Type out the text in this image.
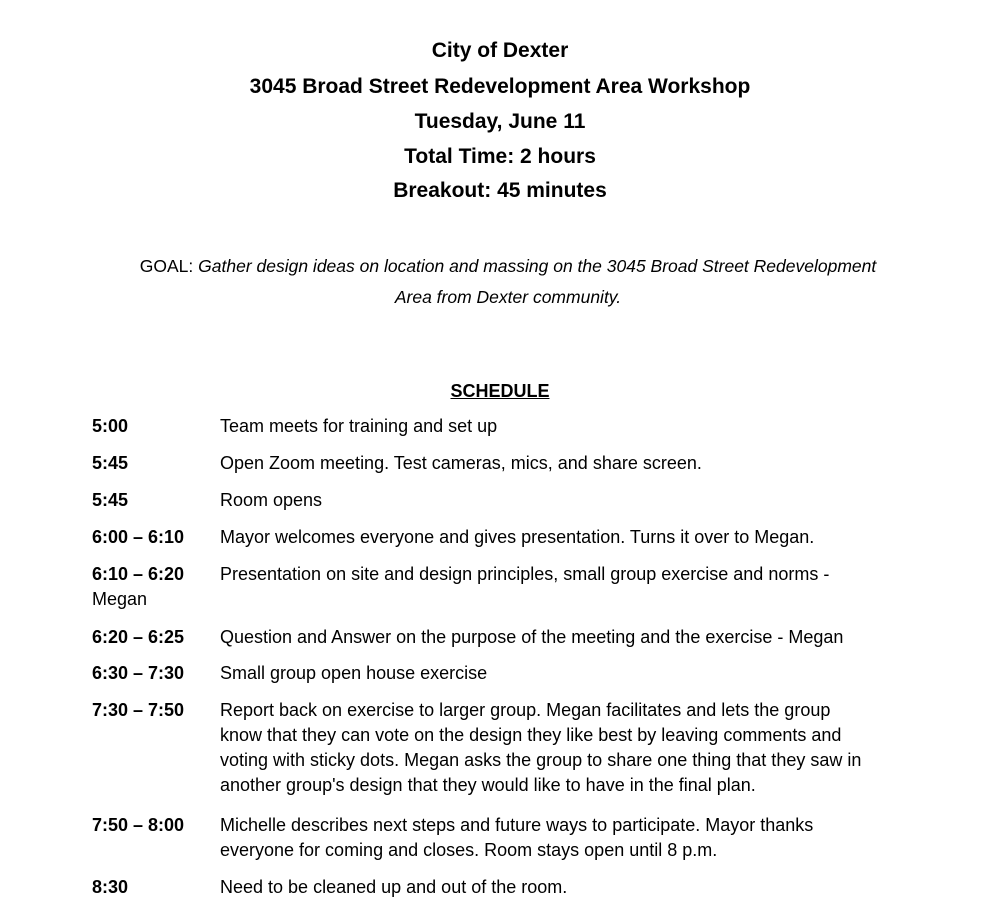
City of Dexter
3045 Broad Street Redevelopment Area Workshop
Tuesday, June 11
Total Time: 2 hours
Breakout: 45 minutes
GOAL: Gather design ideas on location and massing on the 3045 Broad Street Redevelopment
Area from Dexter community.
SCHEDULE
5:00	Team meets for training and set up
5:45	Open Zoom meeting. Test cameras, mics, and share screen.
5:45	Room opens
6:00 – 6:10 Mayor welcomes everyone and gives presentation. Turns it over to Megan.
6:10 – 6:20 Presentation on site and design principles, small group exercise and norms -
Megan
6:20 – 6:25 Question and Answer on the purpose of the meeting and the exercise - Megan
6:30 – 7:30 Small group open house exercise
7:30 – 7:50 Report back on exercise to larger group. Megan facilitates and lets the group
know that they can vote on the design they like best by leaving comments and
voting with sticky dots. Megan asks the group to share one thing that they saw in
another group's design that they would like to have in the final plan.
7:50 – 8:00 Michelle describes next steps and future ways to participate. Mayor thanks
everyone for coming and closes. Room stays open until 8 p.m.
8:30	Need to be cleaned up and out of the room.
